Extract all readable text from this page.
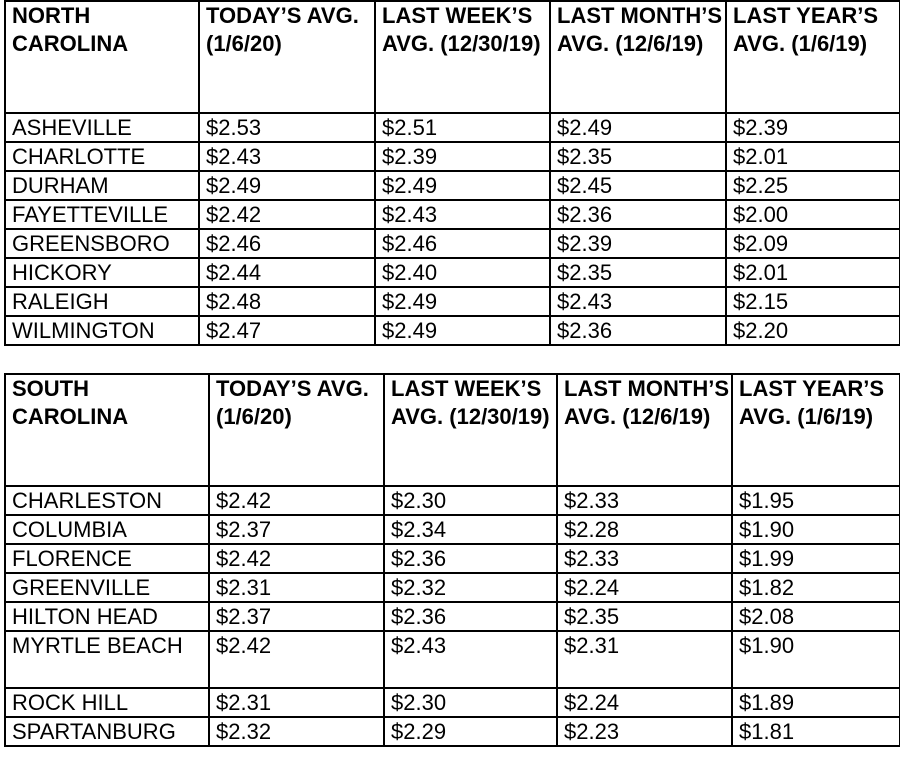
NORTH CAROLINA	TODAY’S AVG. (1/6/20)	LAST WEEK’S AVG. (12/30/19)	LAST MONTH’S AVG. (12/6/19)	LAST YEAR’S AVG. (1/6/19)
ASHEVILLE	$2.53	$2.51	$2.49	$2.39
CHARLOTTE	$2.43	$2.39	$2.35	$2.01
DURHAM	$2.49	$2.49	$2.45	$2.25
FAYETTEVILLE	$2.42	$2.43	$2.36	$2.00
GREENSBORO	$2.46	$2.46	$2.39	$2.09
HICKORY	$2.44	$2.40	$2.35	$2.01
RALEIGH	$2.48	$2.49	$2.43	$2.15
WILMINGTON	$2.47	$2.49	$2.36	$2.20
SOUTH CAROLINA	TODAY’S AVG. (1/6/20)	LAST WEEK’S AVG. (12/30/19)	LAST MONTH’S AVG. (12/6/19)	LAST YEAR’S AVG. (1/6/19)
CHARLESTON	$2.42	$2.30	$2.33	$1.95
COLUMBIA	$2.37	$2.34	$2.28	$1.90
FLORENCE	$2.42	$2.36	$2.33	$1.99
GREENVILLE	$2.31	$2.32	$2.24	$1.82
HILTON HEAD	$2.37	$2.36	$2.35	$2.08
MYRTLE BEACH	$2.42	$2.43	$2.31	$1.90
ROCK HILL	$2.31	$2.30	$2.24	$1.89
SPARTANBURG	$2.32	$2.29	$2.23	$1.81
